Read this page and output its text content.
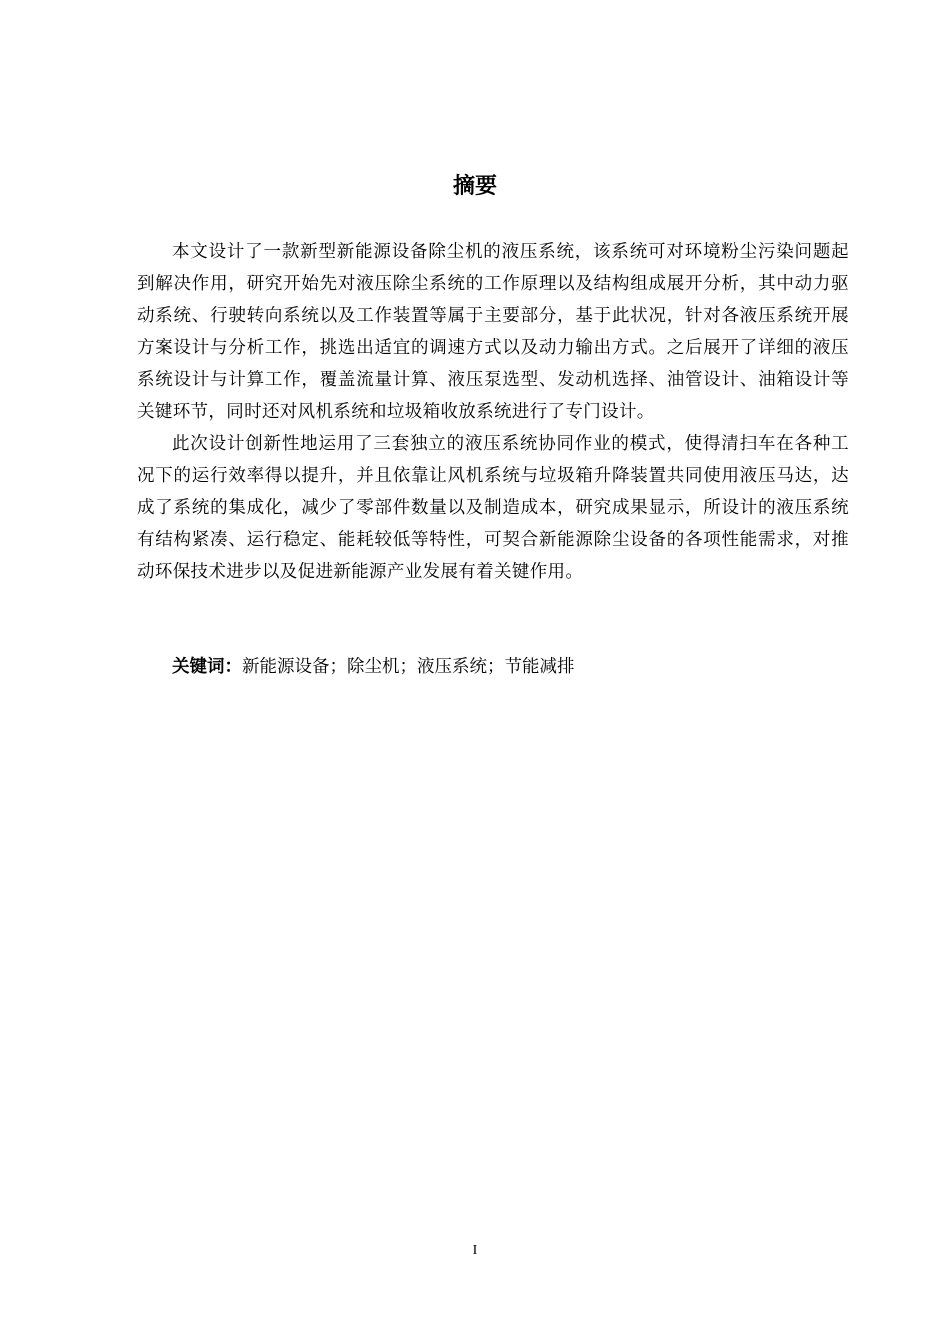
摘要

本文设计了一款新型新能源设备除尘机的液压系统，该系统可对环境粉尘污染问题起到解决作用，研究开始先对液压除尘系统的工作原理以及结构组成展开分析，其中动力驱动系统、行驶转向系统以及工作装置等属于主要部分，基于此状况，针对各液压系统开展方案设计与分析工作，挑选出适宜的调速方式以及动力输出方式。之后展开了详细的液压系统设计与计算工作，覆盖流量计算、液压泵选型、发动机选择、油管设计、油箱设计等关键环节，同时还对风机系统和垃圾箱收放系统进行了专门设计。

此次设计创新性地运用了三套独立的液压系统协同作业的模式，使得清扫车在各种工况下的运行效率得以提升，并且依靠让风机系统与垃圾箱升降装置共同使用液压马达，达成了系统的集成化，减少了零部件数量以及制造成本，研究成果显示，所设计的液压系统有结构紧凑、运行稳定、能耗较低等特性，可契合新能源除尘设备的各项性能需求，对推动环保技术进步以及促进新能源产业发展有着关键作用。

关键词：新能源设备；除尘机；液压系统；节能减排

I
